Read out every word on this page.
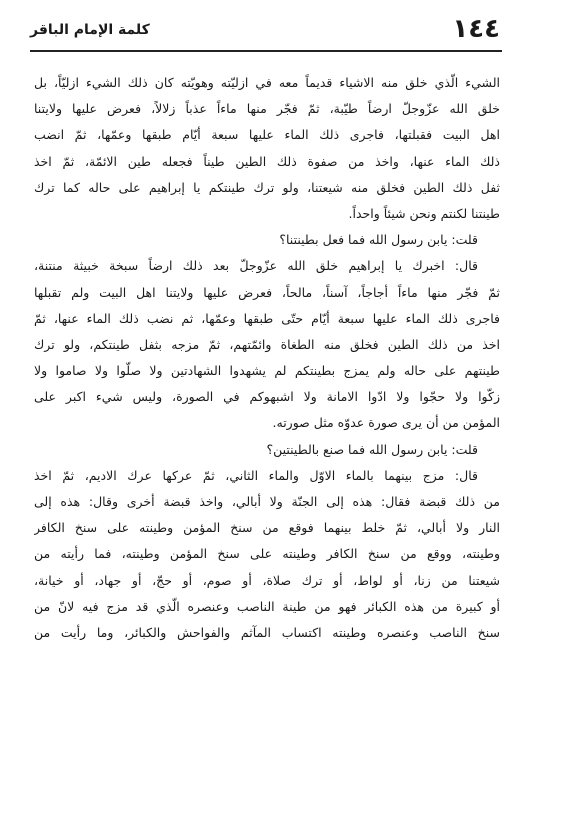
١٤٤
كلمة الإمام الباقر
الشيء الّذي خلق منه الاشياء قديماً معه في ازليّته وهويّته كان ذلك الشيء ازليّاً، بل
خلق الله عزّوجلّ ارضاً طيّبة، ثمّ فجّر منها ماءاً عذباً زلالاً، فعرض عليها ولايتنا
اهل البيت فقبلتها، فاجرى ذلك الماء عليها سبعة أيّام طبقها وعمّها، ثمّ انضب
ذلك الماء عنها، واخذ من صفوة ذلك الطين طيناً فجعله طين الائمّة، ثمّ اخذ
ثفل ذلك الطين فخلق منه شيعتنا، ولو ترك طينتكم يا إبراهيم على حاله كما ترك
طينتنا لكنتم ونحن شيئاً واحداً.
قلت: يابن رسول الله فما فعل بطينتنا؟
قال: اخبرك يا إبراهيم خلق الله عزّوجلّ بعد ذلك ارضاً سبخة خبيثة منتنة،
ثمّ فجّر منها ماءاً أجاجاً، آسناً، مالحاً، فعرض عليها ولايتنا اهل البيت ولم تقبلها
فاجرى ذلك الماء عليها سبعة أيّام حتّى طبقها وعمّها، ثم نضب ذلك الماء عنها، ثمّ
اخذ من ذلك الطين فخلق منه الطغاة وائمّتهم، ثمّ مزجه بثفل طينتكم، ولو ترك
طينتهم على حاله ولم يمزج بطينتكم لم يشهدوا الشهادتين ولا صلّوا ولا صاموا ولا
زكّوا ولا حجّوا ولا ادّوا الامانة ولا اشبهوكم في الصورة، وليس شيء اكبر على
المؤمن من أن يرى صورة عدوّه مثل صورته.
قلت: يابن رسول الله فما صنع بالطينتين؟
قال: مزج بينهما بالماء الاوّل والماء الثاني، ثمّ عركها عرك الاديم، ثمّ اخذ
من ذلك قبضة فقال: هذه إلى الجنّة ولا أبالي، واخذ قبضة أخرى وقال: هذه إلى
النار ولا أبالي، ثمّ خلط بينهما فوقع من سنخ المؤمن وطينته على سنخ الكافر
وطينته، ووقع من سنخ الكافر وطينته على سنخ المؤمن وطينته، فما رأيته من
شيعتنا من زنا، أو لواط، أو ترك صلاة، أو صوم، أو حجّ، أو جهاد، أو خيانة،
أو كبيرة من هذه الكبائر فهو من طينة الناصب وعنصره الّذي قد مزج فيه لانّ من
سنخ الناصب وعنصره وطينته اكتساب المآثم والفواحش والكبائر، وما رأيت من
